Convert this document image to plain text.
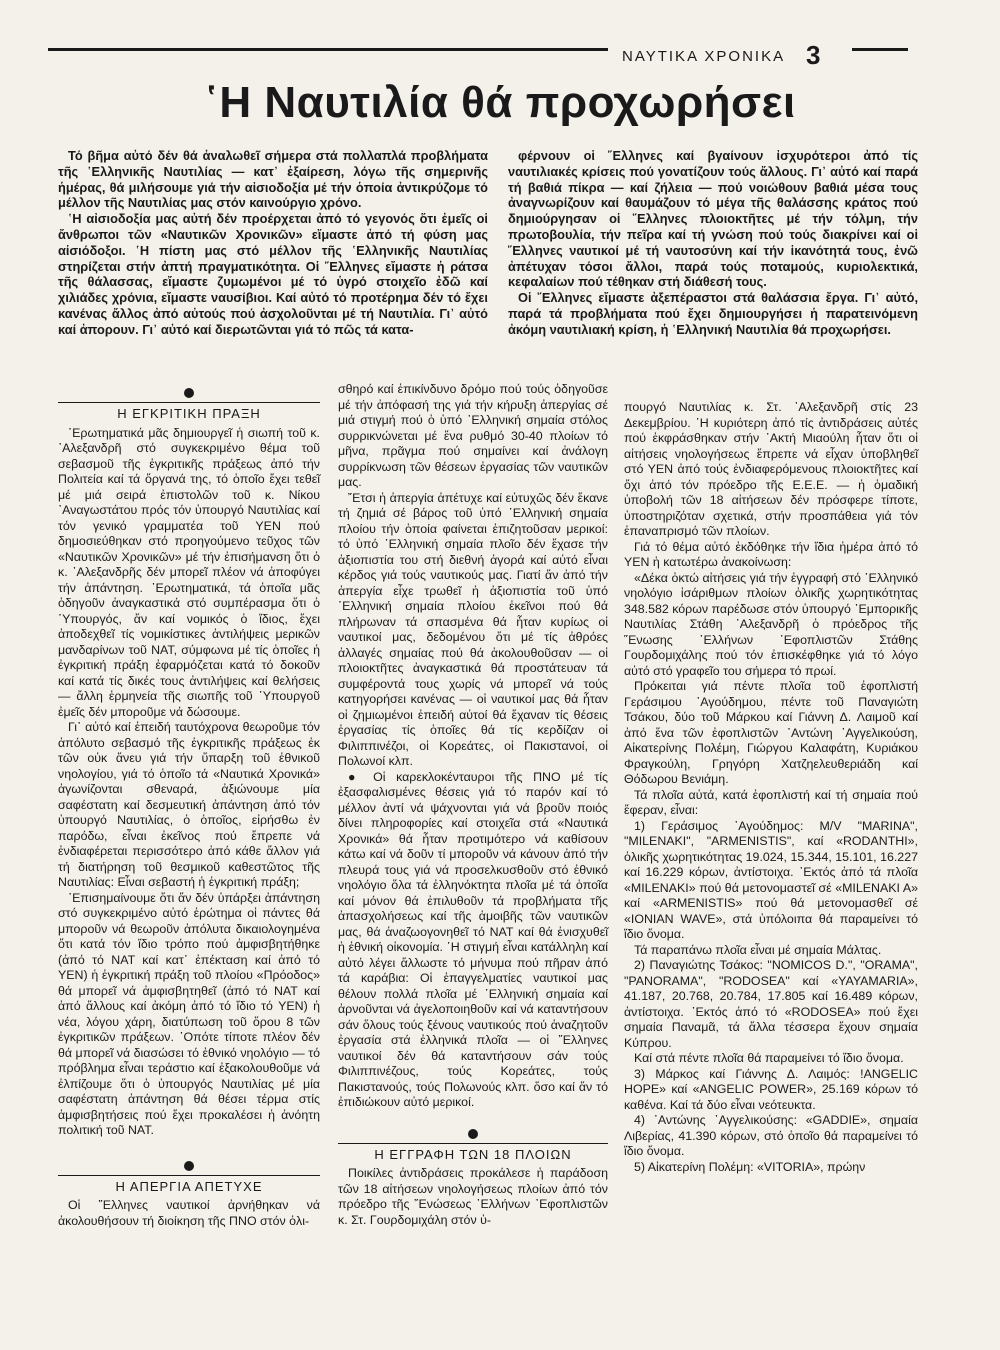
ΝΑΥΤΙΚΑ ΧΡΟΝΙΚΑ 3
῾Η Ναυτιλία θά προχωρήσει

Τό βῆμα αὐτό δέν θά ἀναλωθεῖ σήμερα στά πολλαπλά προβλήματα τῆς ῾Ελληνικῆς Ναυτιλίας — κατ᾿ ἐξαίρεση, λόγω τῆς σημερινῆς ἡμέρας, θά μιλήσουμε γιά τήν αἰσιοδοξία μέ τήν ὁποία ἀντικρύζομε τό μέλλον τῆς Ναυτιλίας μας στόν καινούργιο χρόνο.

῾Η αἰσιοδοξία μας αὐτή δέν προέρχεται ἀπό τό γεγονός ὅτι ἐμεῖς οἱ ἄνθρωποι τῶν «Ναυτικῶν Χρονικῶν» εἴμαστε ἀπό τή φύση μας αἰσιόδοξοι. ῾Η πίστη μας στό μέλλον τῆς ῾Ελληνικῆς Ναυτιλίας στηρίζεται στήν ἀπτή πραγματικότητα. Οἱ ῞Ελληνες εἴμαστε ἡ ράτσα τῆς θάλασσας, εἴμαστε ζυμωμένοι μέ τό ὑγρό στοιχεῖο ἐδῶ καί χιλιάδες χρόνια, εἴμαστε ναυσίβιοι. Καί αὐτό τό προτέρημα δέν τό ἔχει κανένας ἄλλος ἀπό αὐτούς πού ἀσχολοῦνται μέ τή Ναυτιλία. Γι᾿ αὐτό καί ἀπορουν. Γι᾿ αὐτό καί διερωτῶνται γιά τό πῶς τά κατα-

φέρνουν οἱ ῞Ελληνες καί βγαίνουν ἰσχυρότεροι ἀπό τίς ναυτιλιακές κρίσεις πού γονατίζουν τούς ἄλλους. Γι᾿ αὐτό καί παρά τή βαθιά πίκρα — καί ζήλεια — πού νοιώθουν βαθιά μέσα τους ἀναγνωρίζουν καί θαυμάζουν τό μέγα τῆς θαλάσσης κράτος πού δημιούργησαν οἱ ῞Ελληνες πλοιοκτῆτες μέ τήν τόλμη, τήν πρωτοβουλία, τήν πεῖρα καί τή γνώση πού τούς διακρίνει καί οἱ ῞Ελληνες ναυτικοί μέ τή ναυτοσύνη καί τήν ἱκανότητά τους, ἐνῶ ἀπέτυχαν τόσοι ἄλλοι, παρά τούς ποταμούς, κυριολεκτικά, κεφαλαίων πού τέθηκαν στή διάθεσή τους.

Οἱ ῞Ελληνες εἴμαστε ἀξεπέραστοι στά θαλάσσια ἔργα. Γι᾿ αὐτό, παρά τά προβλήματα πού ἔχει δημιουργήσει ἡ παρατεινόμενη ἀκόμη ναυτιλιακή κρίση, ἡ ῾Ελληνική Ναυτιλία θά προχωρήσει.

Η ΕΓΚΡΙΤΙΚΗ ΠΡΑΞΗ

῾Ερωτηματικά μᾶς δημιουργεῖ ἡ σιωπή τοῦ κ. ᾿Αλεξανδρῆ στό συγκεκριμένο θέμα τοῦ σεβασμοῦ τῆς ἐγκριτικῆς πράξεως ἀπό τήν Πολιτεία καί τά ὄργανά της, τό ὁποῖο ἔχει τεθεῖ μέ μιά σειρά ἐπιστολῶν τοῦ κ. Νίκου ᾿Αναγωστάτου πρός τόν ὑπουργό Ναυτιλίας καί τόν γενικό γραμματέα τοῦ ΥΕΝ πού δημοσιεύθηκαν στό προηγούμενο τεῦχος τῶν «Ναυτικῶν Χρονικῶν» μέ τήν ἐπισήμανση ὅτι ὁ κ. ᾿Αλεξανδρῆς δέν μπορεῖ πλέον νά ἀποφύγει τήν ἀπάντηση. ᾿Ερωτηματικά, τά ὁποῖα μᾶς ὁδηγοῦν ἀναγκαστικά στό συμπέρασμα ὅτι ὁ ῾Υπουργός, ἄν καί νομικός ὁ ἴδιος, ἔχει ἀποδεχθεῖ τίς νομικίστικες ἀντιλήψεις μερικῶν μανδαρίνων τοῦ ΝΑΤ, σύμφωνα μέ τίς ὁποῖες ἡ ἐγκριτική πράξη ἐφαρμόζεται κατά τό δοκοῦν καί κατά τίς δικές τους ἀντιλήψεις καί θελήσεις — ἄλλη ἑρμηνεία τῆς σιωπῆς τοῦ ῾Υπουργοῦ ἐμεῖς δέν μποροῦμε νά δώσουμε.

Γι᾿ αὐτό καί ἐπειδή ταυτόχρονα θεωροῦμε τόν ἀπόλυτο σεβασμό τῆς ἐγκριτικῆς πράξεως ἐκ τῶν οὐκ ἄνευ γιά τήν ὕπαρξη τοῦ ἐθνικοῦ νηολογίου, γιά τό ὁποῖο τά «Ναυτικά Χρονικά» ἀγωνίζονται σθεναρά, ἀξιώνουμε μία σαφέστατη καί δεσμευτική ἀπάντηση ἀπό τόν ὑπουργό Ναυτιλίας, ὁ ὁποῖος, εἰρήσθω ἐν παρόδω, εἶναι ἐκεῖνος πού ἔπρεπε νά ἐνδιαφέρεται περισσότερο ἀπό κάθε ἄλλον γιά τή διατήρηση τοῦ θεσμικοῦ καθεστῶτος τῆς Ναυτιλίας: Εἶναι σεβαστή ἡ ἐγκριτική πράξη;

᾿Επισημαίνουμε ὅτι ἄν δέν ὑπάρξει ἀπάντηση στό συγκεκριμένο αὐτό ἐρώτημα οἱ πάντες θά μποροῦν νά θεωροῦν ἀπόλυτα δικαιολογημένα ὅτι κατά τόν ἴδιο τρόπο πού ἀμφισβητήθηκε (ἀπό τό ΝΑΤ καί κατ᾿ ἐπέκταση καί ἀπό τό ΥΕΝ) ἡ ἐγκριτική πράξη τοῦ πλοίου «Πρόοδος» θά μπορεῖ νά ἀμφισβητηθεῖ (ἀπό τό ΝΑΤ καί ἀπό ἄλλους καί ἀκόμη ἀπό τό ἴδιο τό ΥΕΝ) ἡ νέα, λόγου χάρη, διατύπωση τοῦ ὅρου 8 τῶν ἐγκριτικῶν πράξεων. ᾿Οπότε τίποτε πλέον δέν θά μπορεῖ νά διασώσει τό ἐθνικό νηολόγιο — τό πρόβλημα εἶναι τεράστιο καί ἐξακολουθοῦμε νά ἐλπίζουμε ὅτι ὁ ὑπουργός Ναυτιλίας μέ μία σαφέστατη ἀπάντηση θά θέσει τέρμα στίς ἀμφισβητήσεις πού ἔχει προκαλέσει ἡ ἀνόητη πολιτική τοῦ ΝΑΤ.

Η ΑΠΕΡΓΙΑ ΑΠΕΤΥΧΕ

Οἱ ῞Ελληνες ναυτικοί ἀρνήθηκαν νά ἀκολουθήσουν τή διοίκηση τῆς ΠΝΟ στόν ὀλι-

σθηρό καί ἐπικίνδυνο δρόμο πού τούς ὁδηγοῦσε μέ τήν ἀπόφασή της γιά τήν κήρυξη ἀπεργίας σέ μιά στιγμή πού ὁ ὑπό ῾Ελληνική σημαία στόλος συρρικνώνεται μέ ἕνα ρυθμό 30-40 πλοίων τό μῆνα, πρᾶγμα πού σημαίνει καί ἀνάλογη συρρίκνωση τῶν θέσεων ἐργασίας τῶν ναυτικῶν μας.

῎Ετσι ἡ ἀπεργία ἀπέτυχε καί εὐτυχῶς δέν ἔκανε τή ζημιά σέ βάρος τοῦ ὑπό ῾Ελληνική σημαία πλοίου τήν ὁποία φαίνεται ἐπιζητοῦσαν μερικοί: τό ὑπό ῾Ελληνική σημαία πλοῖο δέν ἔχασε τήν ἀξιοπιστία του στή διεθνή ἀγορά καί αὐτό εἶναι κέρδος γιά τούς ναυτικούς μας. Γιατί ἄν ἀπό τήν ἀπεργία εἶχε τρωθεῖ ἡ ἀξιοπιστία τοῦ ὑπό ῾Ελληνική σημαία πλοίου ἐκεῖνοι πού θά πλήρωναν τά σπασμένα θά ἦταν κυρίως οἱ ναυτικοί μας, δεδομένου ὅτι μέ τίς ἀθρόες ἀλλαγές σημαίας πού θά ἀκολουθοῦσαν — οἱ πλοιοκτῆτες ἀναγκαστικά θά προστάτευαν τά συμφέροντά τους χωρίς νά μπορεῖ νά τούς κατηγορήσει κανένας — οἱ ναυτικοί μας θά ἦταν οἱ ζημιωμένοι ἐπειδή αὐτοί θά ἔχαναν τίς θέσεις ἐργασίας τίς ὁποῖες θά τίς κερδίζαν οἱ Φιλιππινέζοι, οἱ Κορεάτες, οἱ Πακιστανοί, οἱ Πολωνοί κλπ.

● Οἱ καρεκλοκένταυροι τῆς ΠΝΟ μέ τίς ἐξασφαλισμένες θέσεις γιά τό παρόν καί τό μέλλον ἀντί νά ψάχνονται γιά νά βροῦν ποιός δίνει πληροφορίες καί στοιχεῖα στά «Ναυτικά Χρονικά» θά ἦταν προτιμότερο νά καθίσουν κάτω καί νά δοῦν τί μποροῦν νά κάνουν ἀπό τήν πλευρά τους γιά νά προσελκυσθοῦν στό ἐθνικό νηολόγιο ὅλα τά ἐλληνόκτητα πλοῖα μέ τά ὁποῖα καί μόνον θά ἐπιλυθοῦν τά προβλήματα τῆς ἀπασχολήσεως καί τῆς ἀμοιβῆς τῶν ναυτικῶν μας, θά ἀναζωογονηθεῖ τό ΝΑΤ καί θά ἐνισχυθεῖ ἡ ἐθνική οἰκονομία. ῾Η στιγμή εἶναι κατάλληλη καί αὐτό λέγει ἄλλωστε τό μήνυμα πού πῆραν ἀπό τά καράβια: Οἱ ἐπαγγελματίες ναυτικοί μας θέλουν πολλά πλοῖα μέ ῾Ελληνική σημαία καί ἀρνοῦνται νά ἀγελοποιηθοῦν καί νά καταντήσουν σάν ὅλους τούς ξένους ναυτικούς πού ἀναζητοῦν ἐργασία στά ἐλληνικά πλοῖα — οἱ ῞Ελληνες ναυτικοί δέν θά καταντήσουν σάν τούς Φιλιππινέζους, τούς Κορεάτες, τούς Πακιστανούς, τούς Πολωνούς κλπ. ὅσο καί ἄν τό ἐπιδιώκουν αὐτό μερικοί.

Η ΕΓΓΡΑΦΗ ΤΩΝ 18 ΠΛΟΙΩΝ

Ποικίλες ἀντιδράσεις προκάλεσε ἡ παράδοση τῶν 18 αἰτήσεων νηολογήσεως πλοίων ἀπό τόν πρόεδρο τῆς ῞Ενώσεως ῾Ελλήνων ᾿Εφοπλιστῶν κ. Στ. Γουρδομιχάλη στόν ὑ-

πουργό Ναυτιλίας κ. Στ. ᾿Αλεξανδρῆ στίς 23 Δεκεμβρίου. ῾Η κυριότερη ἀπό τίς ἀντιδράσεις αὐτές πού ἐκφράσθηκαν στήν ᾿Ακτή Μιαούλη ἦταν ὅτι οἱ αἰτήσεις νηολογήσεως ἔπρεπε νά εἶχαν ὑποβληθεῖ στό ΥΕΝ ἀπό τούς ἐνδιαφερόμενους πλοιοκτῆτες καί ὄχι ἀπό τόν πρόεδρο τῆς Ε.Ε.Ε. — ἡ ὁμαδική ὑποβολή τῶν 18 αἰτήσεων δέν πρόσφερε τίποτε, ὑποστηριζόταν σχετικά, στήν προσπάθεια γιά τόν ἐπαναπρισμό τῶν πλοίων.

Γιά τό θέμα αὐτό ἐκδόθηκε τήν ἴδια ἡμέρα ἀπό τό ΥΕΝ ἡ κατωτέρω ἀνακοίνωση:

«Δέκα ὀκτώ αἰτήσεις γιά τήν ἐγγραφή στό ῾Ελληνικό νηολόγιο ἰσάριθμων πλοίων ὀλικῆς χωρητικότητας 348.582 κόρων παρέδωσε στόν ὑπουργό ᾿Εμπορικῆς Ναυτιλίας Στάθη ᾿Αλεξανδρῆ ὁ πρόεδρος τῆς ῞Ενωσης ῾Ελλήνων ᾿Εφοπλιστῶν Στάθης Γουρδομιχάλης πού τόν ἐπισκέφθηκε γιά τό λόγο αὐτό στό γραφεῖο του σήμερα τό πρωί.

Πρόκειται γιά πέντε πλοῖα τοῦ ἐφοπλιστή Γεράσιμου ᾿Αγούδημου, πέντε τοῦ Παναγιώτη Τσάκου, δύο τοῦ Μάρκου καί Γιάννη Δ. Λαιμοῦ καί ἀπό ἕνα τῶν ἐφοπλιστῶν ᾿Αντώνη ᾿Αγγελικούση, Αἰκατερίνης Πολέμη, Γιώργου Καλαφάτη, Κυριάκου Φραγκούλη, Γρηγόρη Χατζηελευθεριάδη καί Θόδωρου Βενιάμη.

Τά πλοῖα αὐτά, κατά ἐφοπλιστή καί τή σημαία πού ἔφεραν, εἶναι:

1) Γεράσιμος ᾿Αγούδημος: M/V "MARINA", "MILENAKI", "ARMENISTIS", καί «RODANTHI», ὀλικῆς χωρητικότητας 19.024, 15.344, 15.101, 16.227 καί 16.229 κόρων, ἀντίστοιχα. ᾿Εκτός ἀπό τά πλοῖα «MILENAKI» πού θά μετονομαστεῖ σέ «MILENAKI A» καί «ARMENISTIS» πού θά μετονομασθεῖ σέ «IONIAN WAVE», στά ὑπόλοιπα θά παραμείνει τό ἴδιο ὄνομα.

Τά παραπάνω πλοῖα εἶναι μέ σημαία Μάλτας.

2) Παναγιώτης Τσάκος: "NOMICOS D.", "ORAMA", "PANORAMA", "RODOSEA" καί «YAYAMARIA», 41.187, 20.768, 20.784, 17.805 καί 16.489 κόρων, ἀντίστοιχα. ᾿Εκτός ἀπό τό «RODOSEA» πού ἔχει σημαία Παναμᾶ, τά ἄλλα τέσσερα ἔχουν σημαία Κύπρου.

Καί στά πέντε πλοῖα θά παραμείνει τό ἴδιο ὄνομα.

3) Μάρκος καί Γιάννης Δ. Λαιμός: !ANGELIC HOPE» καί «ANGELIC POWER», 25.169 κόρων τό καθένα. Καί τά δύο εἶναι νεότευκτα.

4) ᾿Αντώνης ᾿Αγγελικούσης: «GADDIE», σημαία Λιβερίας, 41.390 κόρων, στό ὁποῖο θά παραμείνει τό ἴδιο ὄνομα.

5) Αἰκατερίνη Πολέμη: «VITORIA», πρώην
